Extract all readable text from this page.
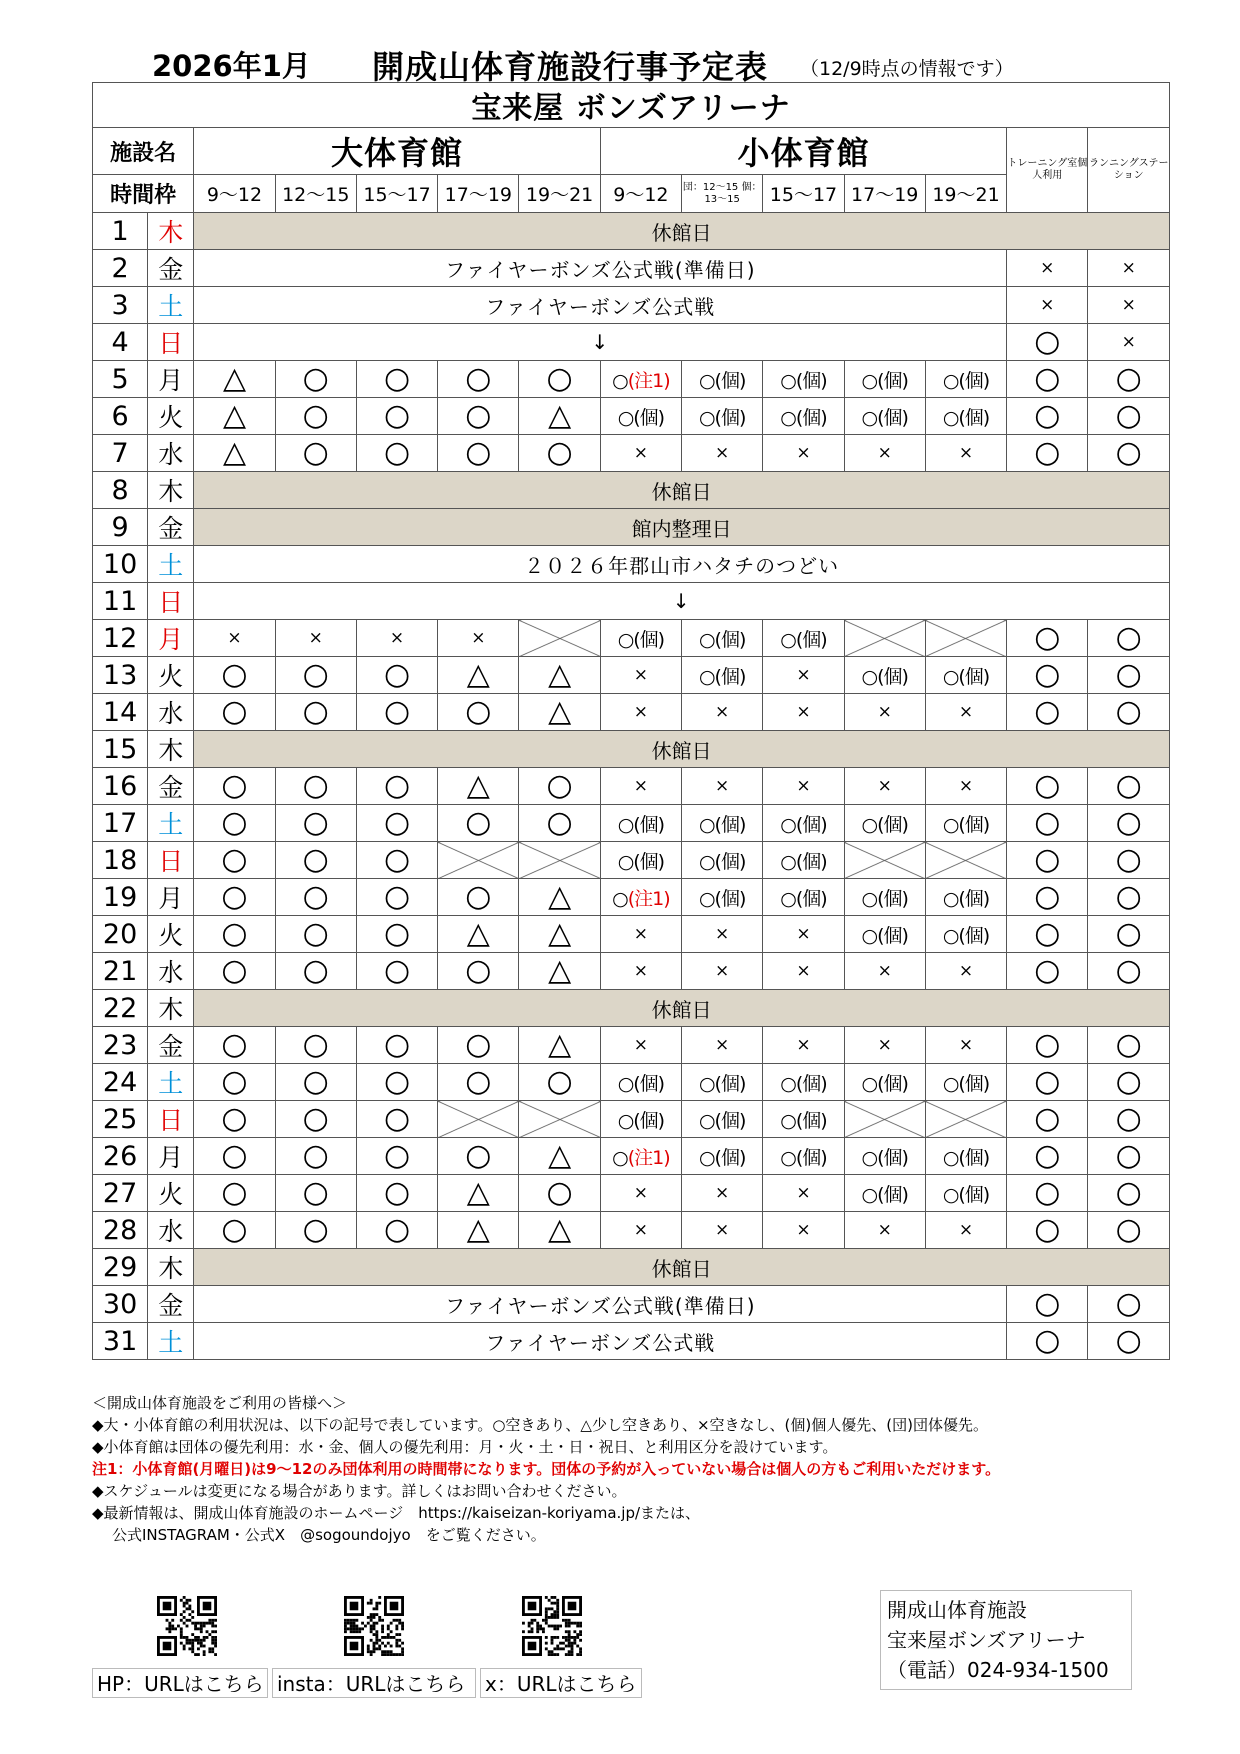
2026年1月 開成山体育施設行事予定表 （12/9時点の情報です）
宝来屋 ボンズアリーナ													
施設名		大体育館					小体育館					トレーニング室個人利用	ランニングステーション
時間枠		9～12	12～15	15～17	17～19	19～21	9～12	団：12～15 個：13～15	15～17	17～19	19～21		
1	木	休館日											
2	金	ファイヤーボンズ公式戦(準備日)										×	×
3	土	ファイヤーボンズ公式戦										×	×
4	日	↓										○	×
5	月	△	○	○	○	○	○(注1)	○(個)	○(個)	○(個)	○(個)	○	○
6	火	△	○	○	○	△	○(個)	○(個)	○(個)	○(個)	○(個)	○	○
7	水	△	○	○	○	○	×	×	×	×	×	○	○
8	木	休館日											
9	金	館内整理日											
10	土	２０２６年郡山市ハタチのつどい											
11	日	↓											
12	月	×	×	×	×		○(個)	○(個)	○(個)			○	○
13	火	○	○	○	△	△	×	○(個)	×	○(個)	○(個)	○	○
14	水	○	○	○	○	△	×	×	×	×	×	○	○
15	木	休館日											
16	金	○	○	○	△	○	×	×	×	×	×	○	○
17	土	○	○	○	○	○	○(個)	○(個)	○(個)	○(個)	○(個)	○	○
18	日	○	○	○			○(個)	○(個)	○(個)			○	○
19	月	○	○	○	○	△	○(注1)	○(個)	○(個)	○(個)	○(個)	○	○
20	火	○	○	○	△	△	×	×	×	○(個)	○(個)	○	○
21	水	○	○	○	○	△	×	×	×	×	×	○	○
22	木	休館日											
23	金	○	○	○	○	△	×	×	×	×	×	○	○
24	土	○	○	○	○	○	○(個)	○(個)	○(個)	○(個)	○(個)	○	○
25	日	○	○	○			○(個)	○(個)	○(個)			○	○
26	月	○	○	○	○	△	○(注1)	○(個)	○(個)	○(個)	○(個)	○	○
27	火	○	○	○	△	○	×	×	×	○(個)	○(個)	○	○
28	水	○	○	○	△	△	×	×	×	×	×	○	○
29	木	休館日											
30	金	ファイヤーボンズ公式戦(準備日)										○	○
31	土	ファイヤーボンズ公式戦										○	○
＜開成山体育施設をご利用の皆様へ＞
◆大・小体育館の利用状況は、以下の記号で表しています。○空きあり、△少し空きあり、×空きなし、(個)個人優先、(団)団体優先。
◆小体育館は団体の優先利用：水・金、個人の優先利用：月・火・土・日・祝日、と利用区分を設けています。
注1：小体育館(月曜日)は9～12のみ団体利用の時間帯になります。団体の予約が入っていない場合は個人の方もご利用いただけます。
◆スケジュールは変更になる場合があります。詳しくはお問い合わせください。
◆最新情報は、開成山体育施設のホームページ　https://kaiseizan-koriyama.jp/または、
公式INSTAGRAM・公式X　@sogoundojyo　をご覧ください。
HP：URLはこちら insta：URLはこちら x：URLはこちら
開成山体育施設
宝来屋ボンズアリーナ
（電話）024-934-1500
